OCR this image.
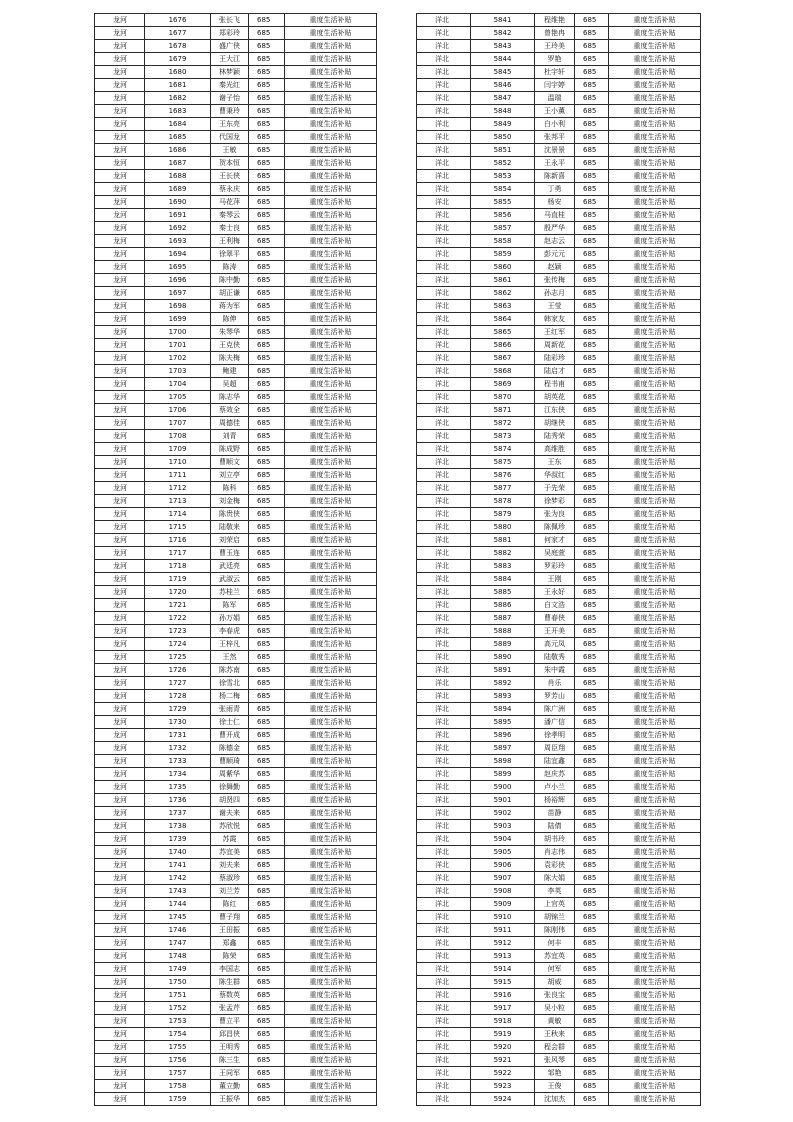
龙河	1676	张长飞	685	重度生活补贴
龙河	1677	郑彩玲	685	重度生活补贴
龙河	1678	盛广侠	685	重度生活补贴
龙河	1679	王大江	685	重度生活补贴
龙河	1680	林梦颖	685	重度生活补贴
龙河	1681	秦光红	685	重度生活补贴
龙河	1682	谢子怡	685	重度生活补贴
龙河	1683	曹秉玲	685	重度生活补贴
龙河	1684	王东亮	685	重度生活补贴
龙河	1685	代国龙	685	重度生活补贴
龙河	1686	王敏	685	重度生活补贴
龙河	1687	贺本恒	685	重度生活补贴
龙河	1688	王长侠	685	重度生活补贴
龙河	1689	蔡永庆	685	重度生活补贴
龙河	1690	马花萍	685	重度生活补贴
龙河	1691	秦琴云	685	重度生活补贴
龙河	1692	秦士良	685	重度生活补贴
龙河	1693	王利梅	685	重度生活补贴
龙河	1694	徐翠平	685	重度生活补贴
龙河	1695	陈涛	685	重度生活补贴
龙河	1696	陈中勤	685	重度生活补贴
龙河	1697	胡正谦	685	重度生活补贴
龙河	1698	蒋为军	685	重度生活补贴
龙河	1699	陈伸	685	重度生活补贴
龙河	1700	朱琴华	685	重度生活补贴
龙河	1701	王克侠	685	重度生活补贴
龙河	1702	陈夫梅	685	重度生活补贴
龙河	1703	鲍建	685	重度生活补贴
龙河	1704	吴超	685	重度生活补贴
龙河	1705	陈志华	685	重度生活补贴
龙河	1706	蔡效全	685	重度生活补贴
龙河	1707	周德佳	685	重度生活补贴
龙河	1708	刘青	685	重度生活补贴
龙河	1709	陈成野	685	重度生活补贴
龙河	1710	曹顺文	685	重度生活补贴
龙河	1711	刘立亭	685	重度生活补贴
龙河	1712	陈科	685	重度生活补贴
龙河	1713	刘金梅	685	重度生活补贴
龙河	1714	陈贵侠	685	重度生活补贴
龙河	1715	陆敬来	685	重度生活补贴
龙河	1716	刘荣启	685	重度生活补贴
龙河	1717	曹玉连	685	重度生活补贴
龙河	1718	武廷亮	685	重度生活补贴
龙河	1719	武淑云	685	重度生活补贴
龙河	1720	苏桂兰	685	重度生活补贴
龙河	1721	陈军	685	重度生活补贴
龙河	1722	孙万娟	685	重度生活补贴
龙河	1723	李春虎	685	重度生活补贴
龙河	1724	王梓凡	685	重度生活补贴
龙河	1725	王然	685	重度生活补贴
龙河	1726	陈苏南	685	重度生活补贴
龙河	1727	徐雪北	685	重度生活补贴
龙河	1728	杨二梅	685	重度生活补贴
龙河	1729	张雨青	685	重度生活补贴
龙河	1730	徐士仁	685	重度生活补贴
龙河	1731	曹开成	685	重度生活补贴
龙河	1732	陈德金	685	重度生活补贴
龙河	1733	曹顺琦	685	重度生活补贴
龙河	1734	周紫华	685	重度生活补贴
龙河	1735	徐舞勤	685	重度生活补贴
龙河	1736	胡贤四	685	重度生活补贴
龙河	1737	谢夫来	685	重度生活补贴
龙河	1738	苏欣悦	685	重度生活补贴
龙河	1739	苏霞	685	重度生活补贴
龙河	1740	苏宜美	685	重度生活补贴
龙河	1741	刘夫来	685	重度生活补贴
龙河	1742	蔡淑珍	685	重度生活补贴
龙河	1743	刘兰芳	685	重度生活补贴
龙河	1744	陈红	685	重度生活补贴
龙河	1745	曹子翔	685	重度生活补贴
龙河	1746	王田振	685	重度生活补贴
龙河	1747	郑鑫	685	重度生活补贴
龙河	1748	陈荣	685	重度生活补贴
龙河	1749	李国志	685	重度生活补贴
龙河	1750	陈生群	685	重度生活补贴
龙河	1751	蔡数英	685	重度生活补贴
龙河	1752	张孟芹	685	重度生活补贴
龙河	1753	曹立平	685	重度生活补贴
龙河	1754	邱昌侠	685	重度生活补贴
龙河	1755	王明秀	685	重度生活补贴
龙河	1756	陈三生	685	重度生活补贴
龙河	1757	王同军	685	重度生活补贴
龙河	1758	董立勤	685	重度生活补贴
龙河	1759	王振华	685	重度生活补贴
洋北	5841	程维艳	685	重度生活补贴
洋北	5842	曾艳冉	685	重度生活补贴
洋北	5843	王玲美	685	重度生活补贴
洋北	5844	罗艳	685	重度生活补贴
洋北	5845	杜宇轩	685	重度生活补贴
洋北	5846	闫宇婷	685	重度生活补贴
洋北	5847	温瑞	685	重度生活补贴
洋北	5848	王小薰	685	重度生活补贴
洋北	5849	白小利	685	重度生活补贴
洋北	5850	张邦平	685	重度生活补贴
洋北	5851	沈景景	685	重度生活补贴
洋北	5852	王永平	685	重度生活补贴
洋北	5853	陈新喜	685	重度生活补贴
洋北	5854	丁勇	685	重度生活补贴
洋北	5855	杨安	685	重度生活补贴
洋北	5856	马直桂	685	重度生活补贴
洋北	5857	殷严华	685	重度生活补贴
洋北	5858	赵志云	685	重度生活补贴
洋北	5859	彭元元	685	重度生活补贴
洋北	5860	赵颖	685	重度生活补贴
洋北	5861	张传梅	685	重度生活补贴
洋北	5862	孙志月	685	重度生活补贴
洋北	5863	王莹	685	重度生活补贴
洋北	5864	韩家友	685	重度生活补贴
洋北	5865	王红军	685	重度生活补贴
洋北	5866	周新花	685	重度生活补贴
洋北	5867	陆彩珍	685	重度生活补贴
洋北	5868	陆启才	685	重度生活补贴
洋北	5869	程书甫	685	重度生活补贴
洋北	5870	胡英花	685	重度生活补贴
洋北	5871	江东侠	685	重度生活补贴
洋北	5872	胡继侠	685	重度生活补贴
洋北	5873	陆秀荣	685	重度生活补贴
洋北	5874	高维胜	685	重度生活补贴
洋北	5875	王东	685	重度生活补贴
洋北	5876	华叔红	685	重度生活补贴
洋北	5877	于先荣	685	重度生活补贴
洋北	5878	徐梦彩	685	重度生活补贴
洋北	5879	张为良	685	重度生活补贴
洋北	5880	陈佩珍	685	重度生活补贴
洋北	5881	何家才	685	重度生活补贴
洋北	5882	吴庭萱	685	重度生活补贴
洋北	5883	罗彩玲	685	重度生活补贴
洋北	5884	王刚	685	重度生活补贴
洋北	5885	王永好	685	重度生活补贴
洋北	5886	白文浩	685	重度生活补贴
洋北	5887	曹春侠	685	重度生活补贴
洋北	5888	王开美	685	重度生活补贴
洋北	5889	高元凤	685	重度生活补贴
洋北	5890	陆敬秀	685	重度生活补贴
洋北	5891	朱中霞	685	重度生活补贴
洋北	5892	肖乐	685	重度生活补贴
洋北	5893	罗芳山	685	重度生活补贴
洋北	5894	陈广洲	685	重度生活补贴
洋北	5895	潘广信	685	重度生活补贴
洋北	5896	徐孝明	685	重度生活补贴
洋北	5897	周臣翔	685	重度生活补贴
洋北	5898	陆宜鑫	685	重度生活补贴
洋北	5899	赵庆苏	685	重度生活补贴
洋北	5900	卢小兰	685	重度生活补贴
洋北	5901	杨裕辉	685	重度生活补贴
洋北	5902	苗静	685	重度生活补贴
洋北	5903	陆倩	685	重度生活补贴
洋北	5904	胡书玲	685	重度生活补贴
洋北	5905	肖志伟	685	重度生活补贴
洋北	5906	袁彩侠	685	重度生活补贴
洋北	5907	陈大娟	685	重度生活补贴
洋北	5908	李英	685	重度生活补贴
洋北	5909	上官英	685	重度生活补贴
洋北	5910	胡锦兰	685	重度生活补贴
洋北	5911	陈刚伟	685	重度生活补贴
洋北	5912	何丰	685	重度生活补贴
洋北	5913	苏宜英	685	重度生活补贴
洋北	5914	何军	685	重度生活补贴
洋北	5915	胡威	685	重度生活补贴
洋北	5916	张良宝	685	重度生活补贴
洋北	5917	吴小粒	685	重度生活补贴
洋北	5918	黄敏	685	重度生活补贴
洋北	5919	王秋来	685	重度生活补贴
洋北	5920	程会群	685	重度生活补贴
洋北	5921	张风琴	685	重度生活补贴
洋北	5922	邹艳	685	重度生活补贴
洋北	5923	王俊	685	重度生活补贴
洋北	5924	沈加杰	685	重度生活补贴
